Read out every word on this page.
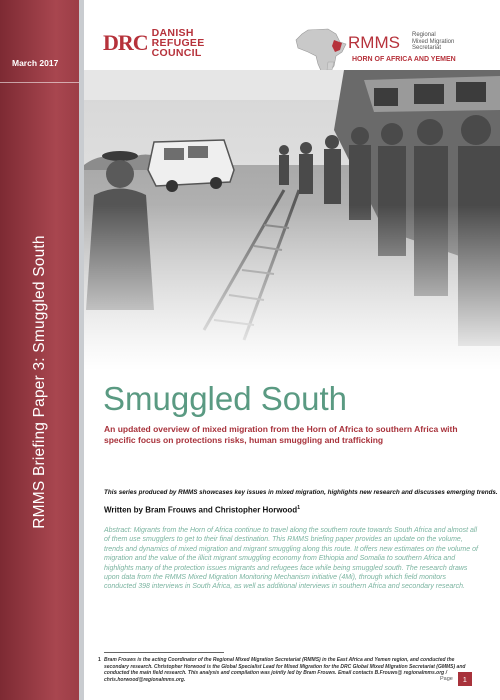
March 2017
RMMS Briefing Paper 3: Smuggled South
DRC DANISH
REFUGEE
COUNCIL
RMMS Regional
Mixed Migration
Secretariat
HORN OF AFRICA AND YEMEN
Smuggled South
An updated overview of mixed migration from the Horn of Africa to southern Africa with specific focus on protections risks, human smuggling and trafficking
This series produced by RMMS showcases key issues in mixed migration, highlights new research and discusses emerging trends.
Written by Bram Frouws and Christopher Horwood$^1$
Abstract: Migrants from the Horn of Africa continue to travel along the southern route towards South Africa and almost all of them use smugglers to get to their final destination. This RMMS briefing paper provides an update on the volume, trends and dynamics of mixed migration and migrant smuggling along this route. It offers new estimates on the volume of migration and the value of the illicit migrant smuggling economy from Ethiopia and Somalia to southern Africa and highlights many of the protection issues migrants and refugees face while being smuggled south. The research draws upon data from the RMMS Mixed Migration Monitoring Mechanism initiative (4Mi), through which field monitors conducted 398 interviews in South Africa, as well as additional interviews in southern Africa and secondary research.
1 Bram Frouws is the acting Coordinator of the Regional Mixed Migration Secretariat (RMMS) in the East Africa and Yemen region, and conducted the secondary research. Christopher Horwood is the Global Specialist Lead for Mixed Migration for the DRC Global Mixed Migration Secretariat (GMMS) and conducted the main field research. This analysis and compilation was jointly led by Bram Frouws. Email contacts B.Frouws@ regionalmms.org / chris.horwood@regionalmms.org.	Page	1
